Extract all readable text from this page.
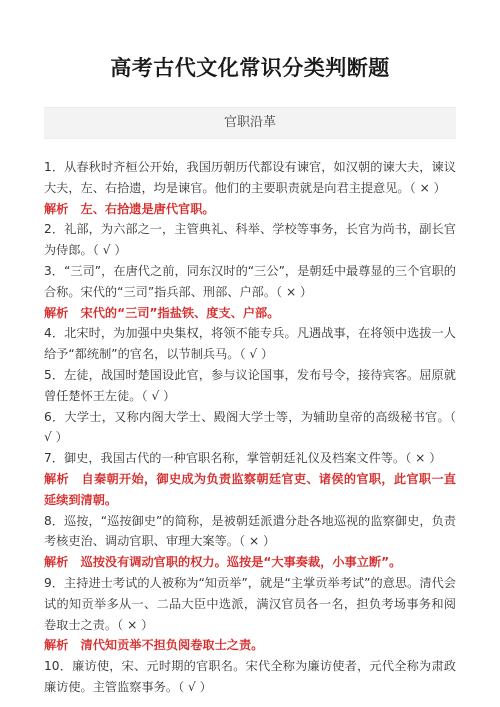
高考古代文化常识分类判断题
官职沿革

1．从春秋时齐桓公开始，我国历朝历代都设有谏官，如汉朝的谏大夫，谏议大夫，左、右拾遗，均是谏官。他们的主要职责就是向君主提意见。（ × ）

解析　左、右拾遗是唐代官职。

2．礼部，为六部之一，主管典礼、科举、学校等事务，长官为尚书，副长官为侍郎。（ √ ）

3．“三司”，在唐代之前，同东汉时的“三公”，是朝廷中最尊显的三个官职的合称。宋代的“三司”指兵部、刑部、户部。（ × ）

解析　宋代的“三司”指盐铁、度支、户部。

4．北宋时，为加强中央集权，将领不能专兵。凡遇战事，在将领中选拔一人给予“都统制”的官名，以节制兵马。（ √ ）

5．左徒，战国时楚国设此官，参与议论国事，发布号令，接待宾客。屈原就曾任楚怀王左徒。（ √ ）

6．大学士，又称内阁大学士、殿阁大学士等，为辅助皇帝的高级秘书官。（ √ ）

7．御史，我国古代的一种官职名称，掌管朝廷礼仪及档案文件等。（ × ）

解析　自秦朝开始，御史成为负责监察朝廷官吏、诸侯的官职，此官职一直延续到清朝。

8．巡按，“巡按御史”的简称，是被朝廷派遣分赴各地巡视的监察御史，负责考核吏治、调动官职、审理大案等。（ × ）

解析　巡按没有调动官职的权力。巡按是“大事奏裁，小事立断”。

9．主持进士考试的人被称为“知贡举”，就是“主掌贡举考试”的意思。清代会试的知贡举多从一、二品大臣中选派，满汉官员各一名，担负考场事务和阅卷取士之责。（ × ）

解析　清代知贡举不担负阅卷取士之责。

10．廉访使，宋、元时期的官职名。宋代全称为廉访使者，元代全称为肃政廉访使。主管监察事务。（ √ ）
